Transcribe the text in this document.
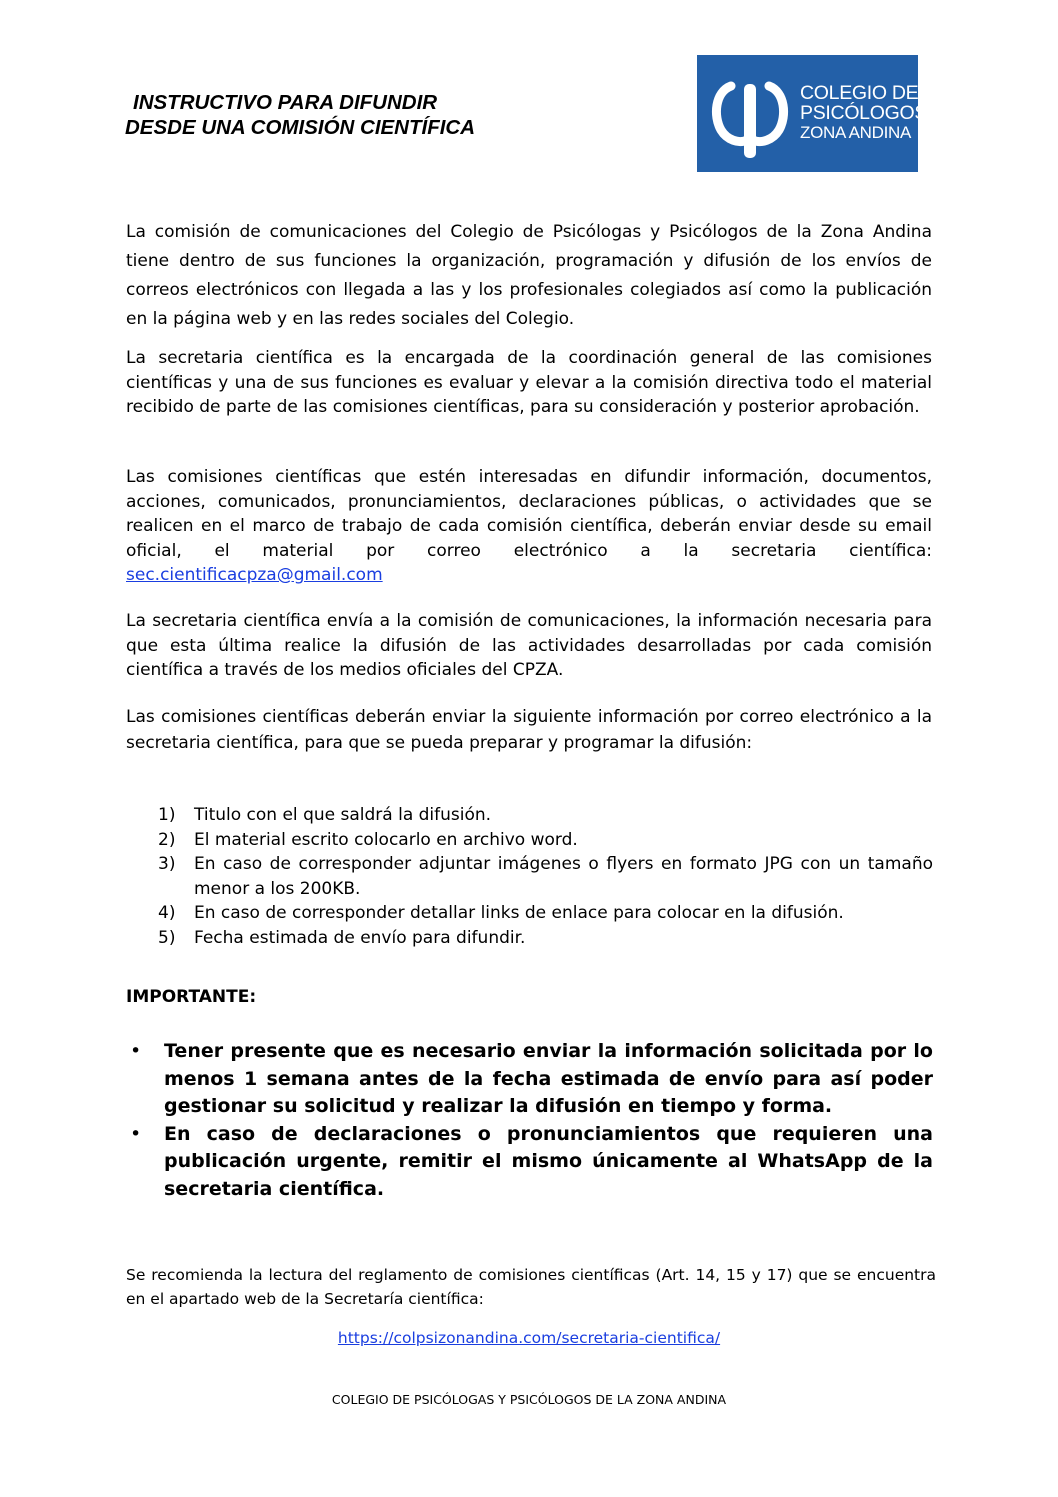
INSTRUCTIVO PARA DIFUNDIR
DESDE UNA COMISIÓN CIENTÍFICA
COLEGIO DE
PSICÓLOGOS
ZONA ANDINA
La comisión de comunicaciones del Colegio de Psicólogas y Psicólogos de la Zona Andina tiene dentro de sus funciones la organización, programación y difusión de los envíos de correos electrónicos con llegada a las y los profesionales colegiados así como la publicación en la página web y en las redes sociales del Colegio.
La secretaria científica es la encargada de la coordinación general de las comisiones científicas y una de sus funciones es evaluar y elevar a la comisión directiva todo el material recibido de parte de las comisiones científicas, para su consideración y posterior aprobación.
Las comisiones científicas que estén interesadas en difundir información, documentos, acciones, comunicados, pronunciamientos, declaraciones públicas, o actividades que se realicen en el marco de trabajo de cada comisión científica, deberán enviar desde su email oficial, el material por correo electrónico a la secretaria científica: sec.cientificacpza@gmail.com
La secretaria científica envía a la comisión de comunicaciones, la información necesaria para que esta última realice la difusión de las actividades desarrolladas por cada comisión científica a través de los medios oficiales del CPZA.
Las comisiones científicas deberán enviar la siguiente información por correo electrónico a la secretaria científica, para que se pueda preparar y programar la difusión:
1) Titulo con el que saldrá la difusión.
2) El material escrito colocarlo en archivo word.
3) En caso de corresponder adjuntar imágenes o flyers en formato JPG con un tamaño menor a los 200KB.
4) En caso de corresponder detallar links de enlace para colocar en la difusión.
5) Fecha estimada de envío para difundir.
IMPORTANTE:
• Tener presente que es necesario enviar la información solicitada por lo menos 1 semana antes de la fecha estimada de envío para así poder gestionar su solicitud y realizar la difusión en tiempo y forma.
• En caso de declaraciones o pronunciamientos que requieren una publicación urgente, remitir el mismo únicamente al WhatsApp de la secretaria científica.
Se recomienda la lectura del reglamento de comisiones científicas (Art. 14, 15 y 17) que se encuentra en el apartado web de la Secretaría científica:
https://colpsizonandina.com/secretaria-cientifica/
COLEGIO DE PSICÓLOGAS Y PSICÓLOGOS DE LA ZONA ANDINA
